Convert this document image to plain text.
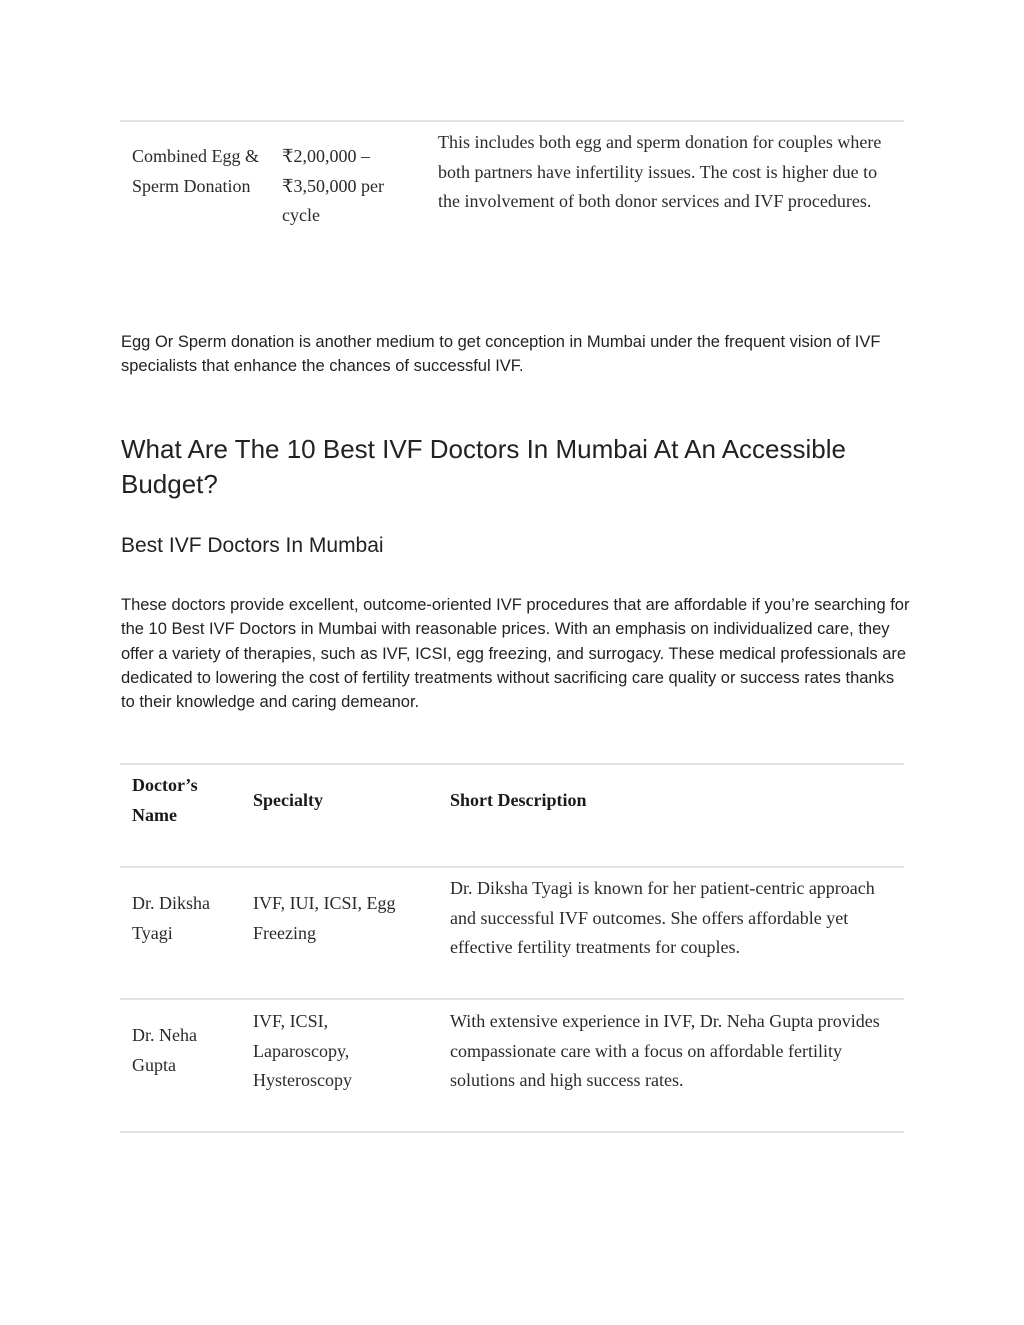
Combined Egg & Sperm Donation
₹2,00,000 – ₹3,50,000 per cycle
This includes both egg and sperm donation for couples where both partners have infertility issues. The cost is higher due to the involvement of both donor services and IVF procedures.

Egg Or Sperm donation is another medium to get conception in Mumbai under the frequent vision of IVF specialists that enhance the chances of successful IVF.

What Are The 10 Best IVF Doctors In Mumbai At An Accessible Budget?
Best IVF Doctors In Mumbai

These doctors provide excellent, outcome-oriented IVF procedures that are affordable if you’re searching for the 10 Best IVF Doctors in Mumbai with reasonable prices. With an emphasis on individualized care, they offer a variety of therapies, such as IVF, ICSI, egg freezing, and surrogacy. These medical professionals are dedicated to lowering the cost of fertility treatments without sacrificing care quality or success rates thanks to their knowledge and caring demeanor.

Doctor’s Name
Specialty	Short Description
Dr. Diksha Tyagi
IVF, IUI, ICSI, Egg Freezing
Dr. Diksha Tyagi is known for her patient-centric approach and successful IVF outcomes. She offers affordable yet effective fertility treatments for couples.
Dr. Neha Gupta
IVF, ICSI, Laparoscopy, Hysteroscopy
With extensive experience in IVF, Dr. Neha Gupta provides compassionate care with a focus on affordable fertility solutions and high success rates.
